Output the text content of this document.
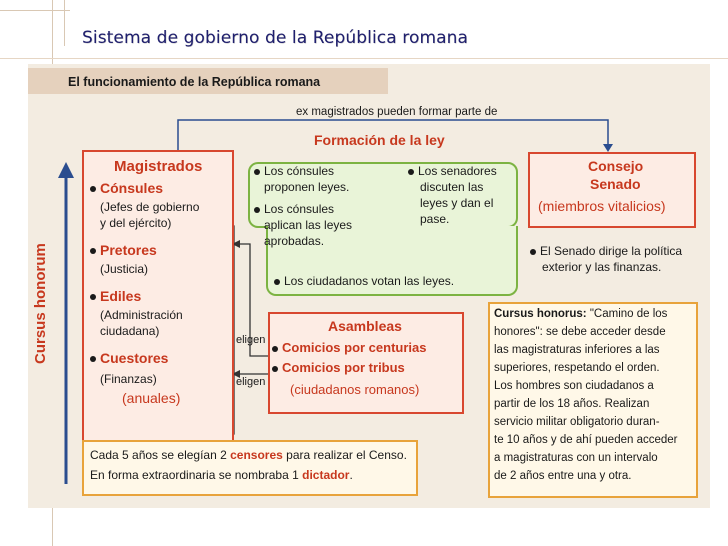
Sistema de gobierno de la República romana
El funcionamiento de la República romana
ex magistrados pueden formar parte de
Cursus honorum
Magistrados
Cónsules
(Jefes de gobierno
y del ejército)
Pretores
(Justicia)
Ediles
(Administración
ciudadana)
Cuestores
(Finanzas)
(anuales)
Formación de la ley
Los cónsules
proponen leyes.
Los cónsules
aplican las leyes
aprobadas.
Los senadores
discuten las
leyes y dan el
pase.
Los ciudadanos votan las leyes.
Consejo
Senado
(miembros vitalicios)
El Senado dirige la política
exterior y las finanzas.
Asambleas
Comicios por centurias
Comicios por tribus
(ciudadanos romanos)
eligen
eligen
Cursus honorus: "Camino de los
honores": se debe acceder desde
las magistraturas inferiores a las
superiores, respetando el orden.
Los hombres son ciudadanos a
partir de los 18 años. Realizan
servicio militar obligatorio duran-
te 10 años y de ahí pueden acceder
a magistraturas con un intervalo
de 2 años entre una y otra.
Cada 5 años se elegían 2 censores para realizar el Censo.
En forma extraordinaria se nombraba 1 dictador.
